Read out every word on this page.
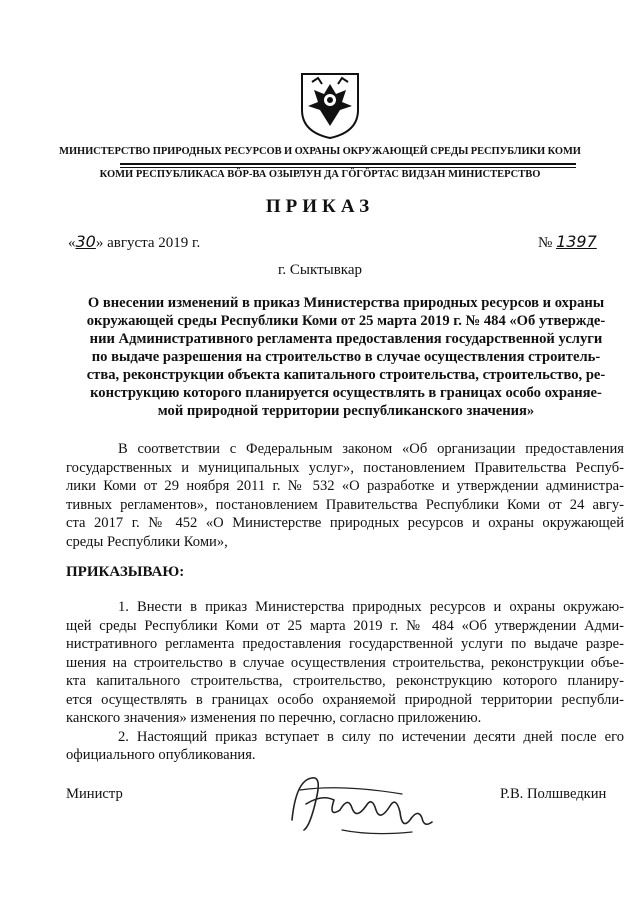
МИНИСТЕРСТВО ПРИРОДНЫХ РЕСУРСОВ И ОХРАНЫ ОКРУЖАЮЩЕЙ СРЕДЫ РЕСПУБЛИКИ КОМИ
КОМИ РЕСПУБЛИКАСА ВÖР-ВА ОЗЫРЛУН ДА ГÖГÖРТАС ВИДЗАН МИНИСТЕРСТВО
ПРИКАЗ
«30» августа 2019 г.	№ 1397
г. Сыктывкар
О внесении изменений в приказ Министерства природных ресурсов и охраны
окружающей среды Республики Коми от 25 марта 2019 г. № 484 «Об утвержде-
нии Административного регламента предоставления государственной услуги
по выдаче разрешения на строительство в случае осуществления строитель-
ства, реконструкции объекта капитального строительства, строительство, ре-
конструкцию которого планируется осуществлять в границах особо охраняе-
мой природной территории республиканского значения»
В соответствии с Федеральным законом «Об организации предоставления
государственных и муниципальных услуг», постановлением Правительства Респуб-
лики Коми от 29 ноября 2011 г. № 532 «О разработке и утверждении администра-
тивных регламентов», постановлением Правительства Республики Коми от 24 авгу-
ста 2017 г. № 452 «О Министерстве природных ресурсов и охраны окружающей
среды Республики Коми»,
ПРИКАЗЫВАЮ:
1. Внести в приказ Министерства природных ресурсов и охраны окружаю-
щей среды Республики Коми от 25 марта 2019 г. № 484 «Об утверждении Адми-
нистративного регламента предоставления государственной услуги по выдаче разре-
шения на строительство в случае осуществления строительства, реконструкции объе-
кта капитального строительства, строительство, реконструкцию которого планиру-
ется осуществлять в границах особо охраняемой природной территории республи-
канского значения» изменения по перечню, согласно приложению.
2. Настоящий приказ вступает в силу по истечении десяти дней после его
официального опубликования.
Министр	Р.В. Полшведкин
